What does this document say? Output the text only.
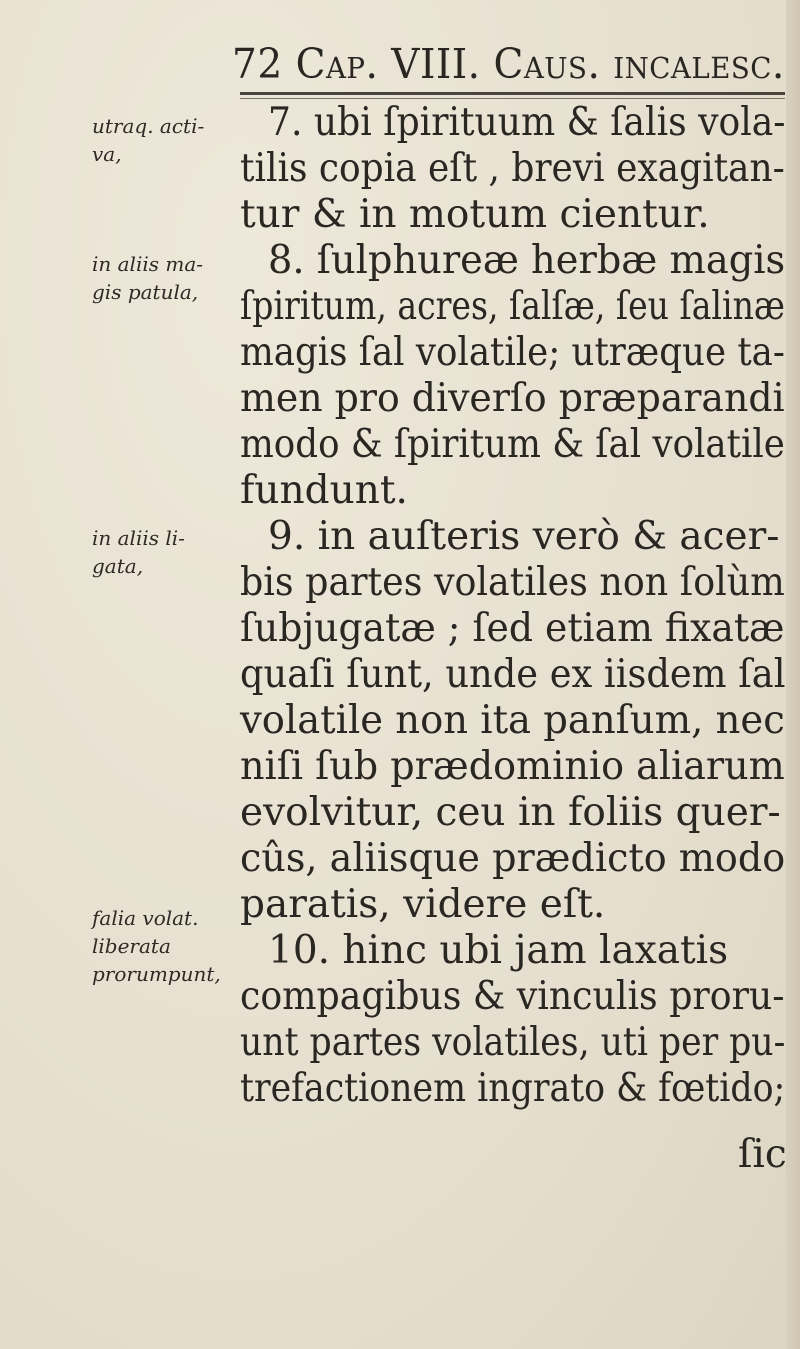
72 Cap. VIII. Caus. incalesc.
utraq. acti-
va,
in aliis ma-
gis patula,
in aliis li-
gata,
falia volat.
liberata
prorumpunt,
7. ubi ſpirituum & ſalis vola-
tilis copia eſt , brevi exagitan-
tur & in motum cientur.
8. ſulphureæ herbæ magis
ſpiritum, acres, ſalſæ, ſeu ſalinæ
magis ſal volatile; utræque ta-
men pro diverſo præparandi
modo & ſpiritum & ſal volatile
fundunt.
9. in auſteris verò & acer-
bis partes volatiles non ſolùm
ſubjugatæ ; ſed etiam fixatæ
quaſi ſunt, unde ex iisdem ſal
volatile non ita panſum, nec
niſi ſub prædominio aliarum
evolvitur, ceu in foliis quer-
cûs, aliisque prædicto modo
paratis, videre eſt.
10. hinc ubi jam laxatis
compagibus & vinculis proru-
unt partes volatiles, uti per pu-
trefactionem ingrato & fœtido;
ſic
